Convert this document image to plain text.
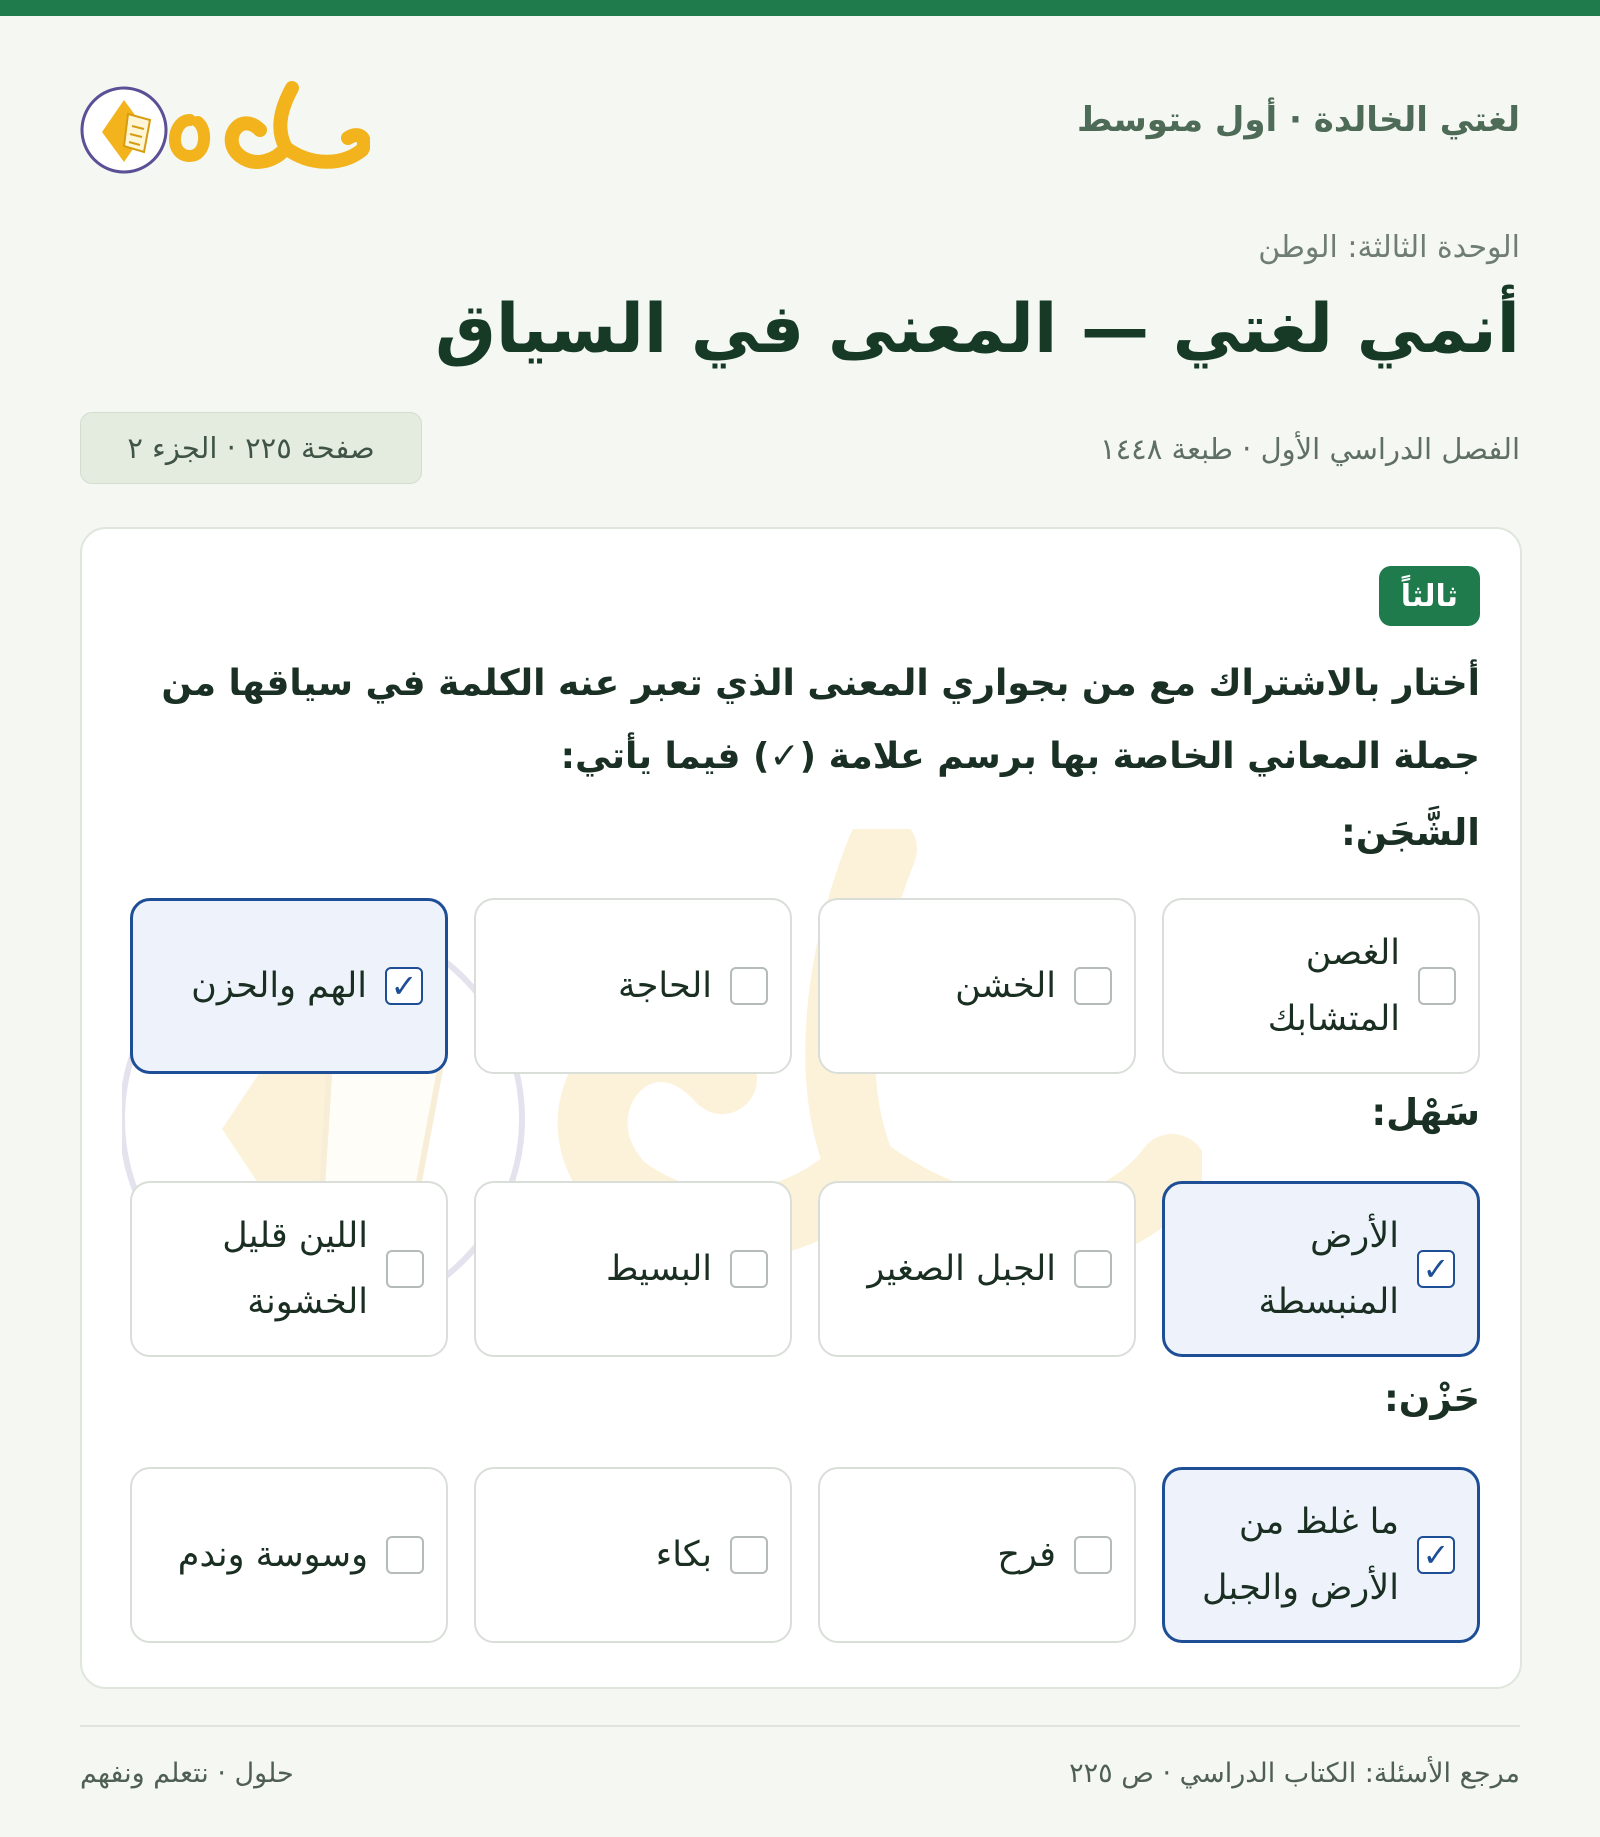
لغتي الخالدة · أول متوسط
الوحدة الثالثة: الوطن
أنمي لغتي — المعنى في السياق
الفصل الدراسي الأول · طبعة ١٤٤٨
صفحة ٢٢٥ · الجزء ٢
ثالثاً
أختار بالاشتراك مع من بجواري المعنى الذي تعبر عنه الكلمة في سياقها من جملة المعاني الخاصة بها برسم علامة (✓) فيما يأتي:
الشَّجَن:
الغصن المتشابك
الخشن
الحاجة
✓
الهم والحزن
سَهْل:
✓
الأرض المنبسطة
الجبل الصغير
البسيط
اللين قليل الخشونة
حَزْن:
✓
ما غلظ من الأرض والجبل
فرح
بكاء
وسوسة وندم
مرجع الأسئلة: الكتاب الدراسي · ص ٢٢٥
حلول · نتعلم ونفهم
